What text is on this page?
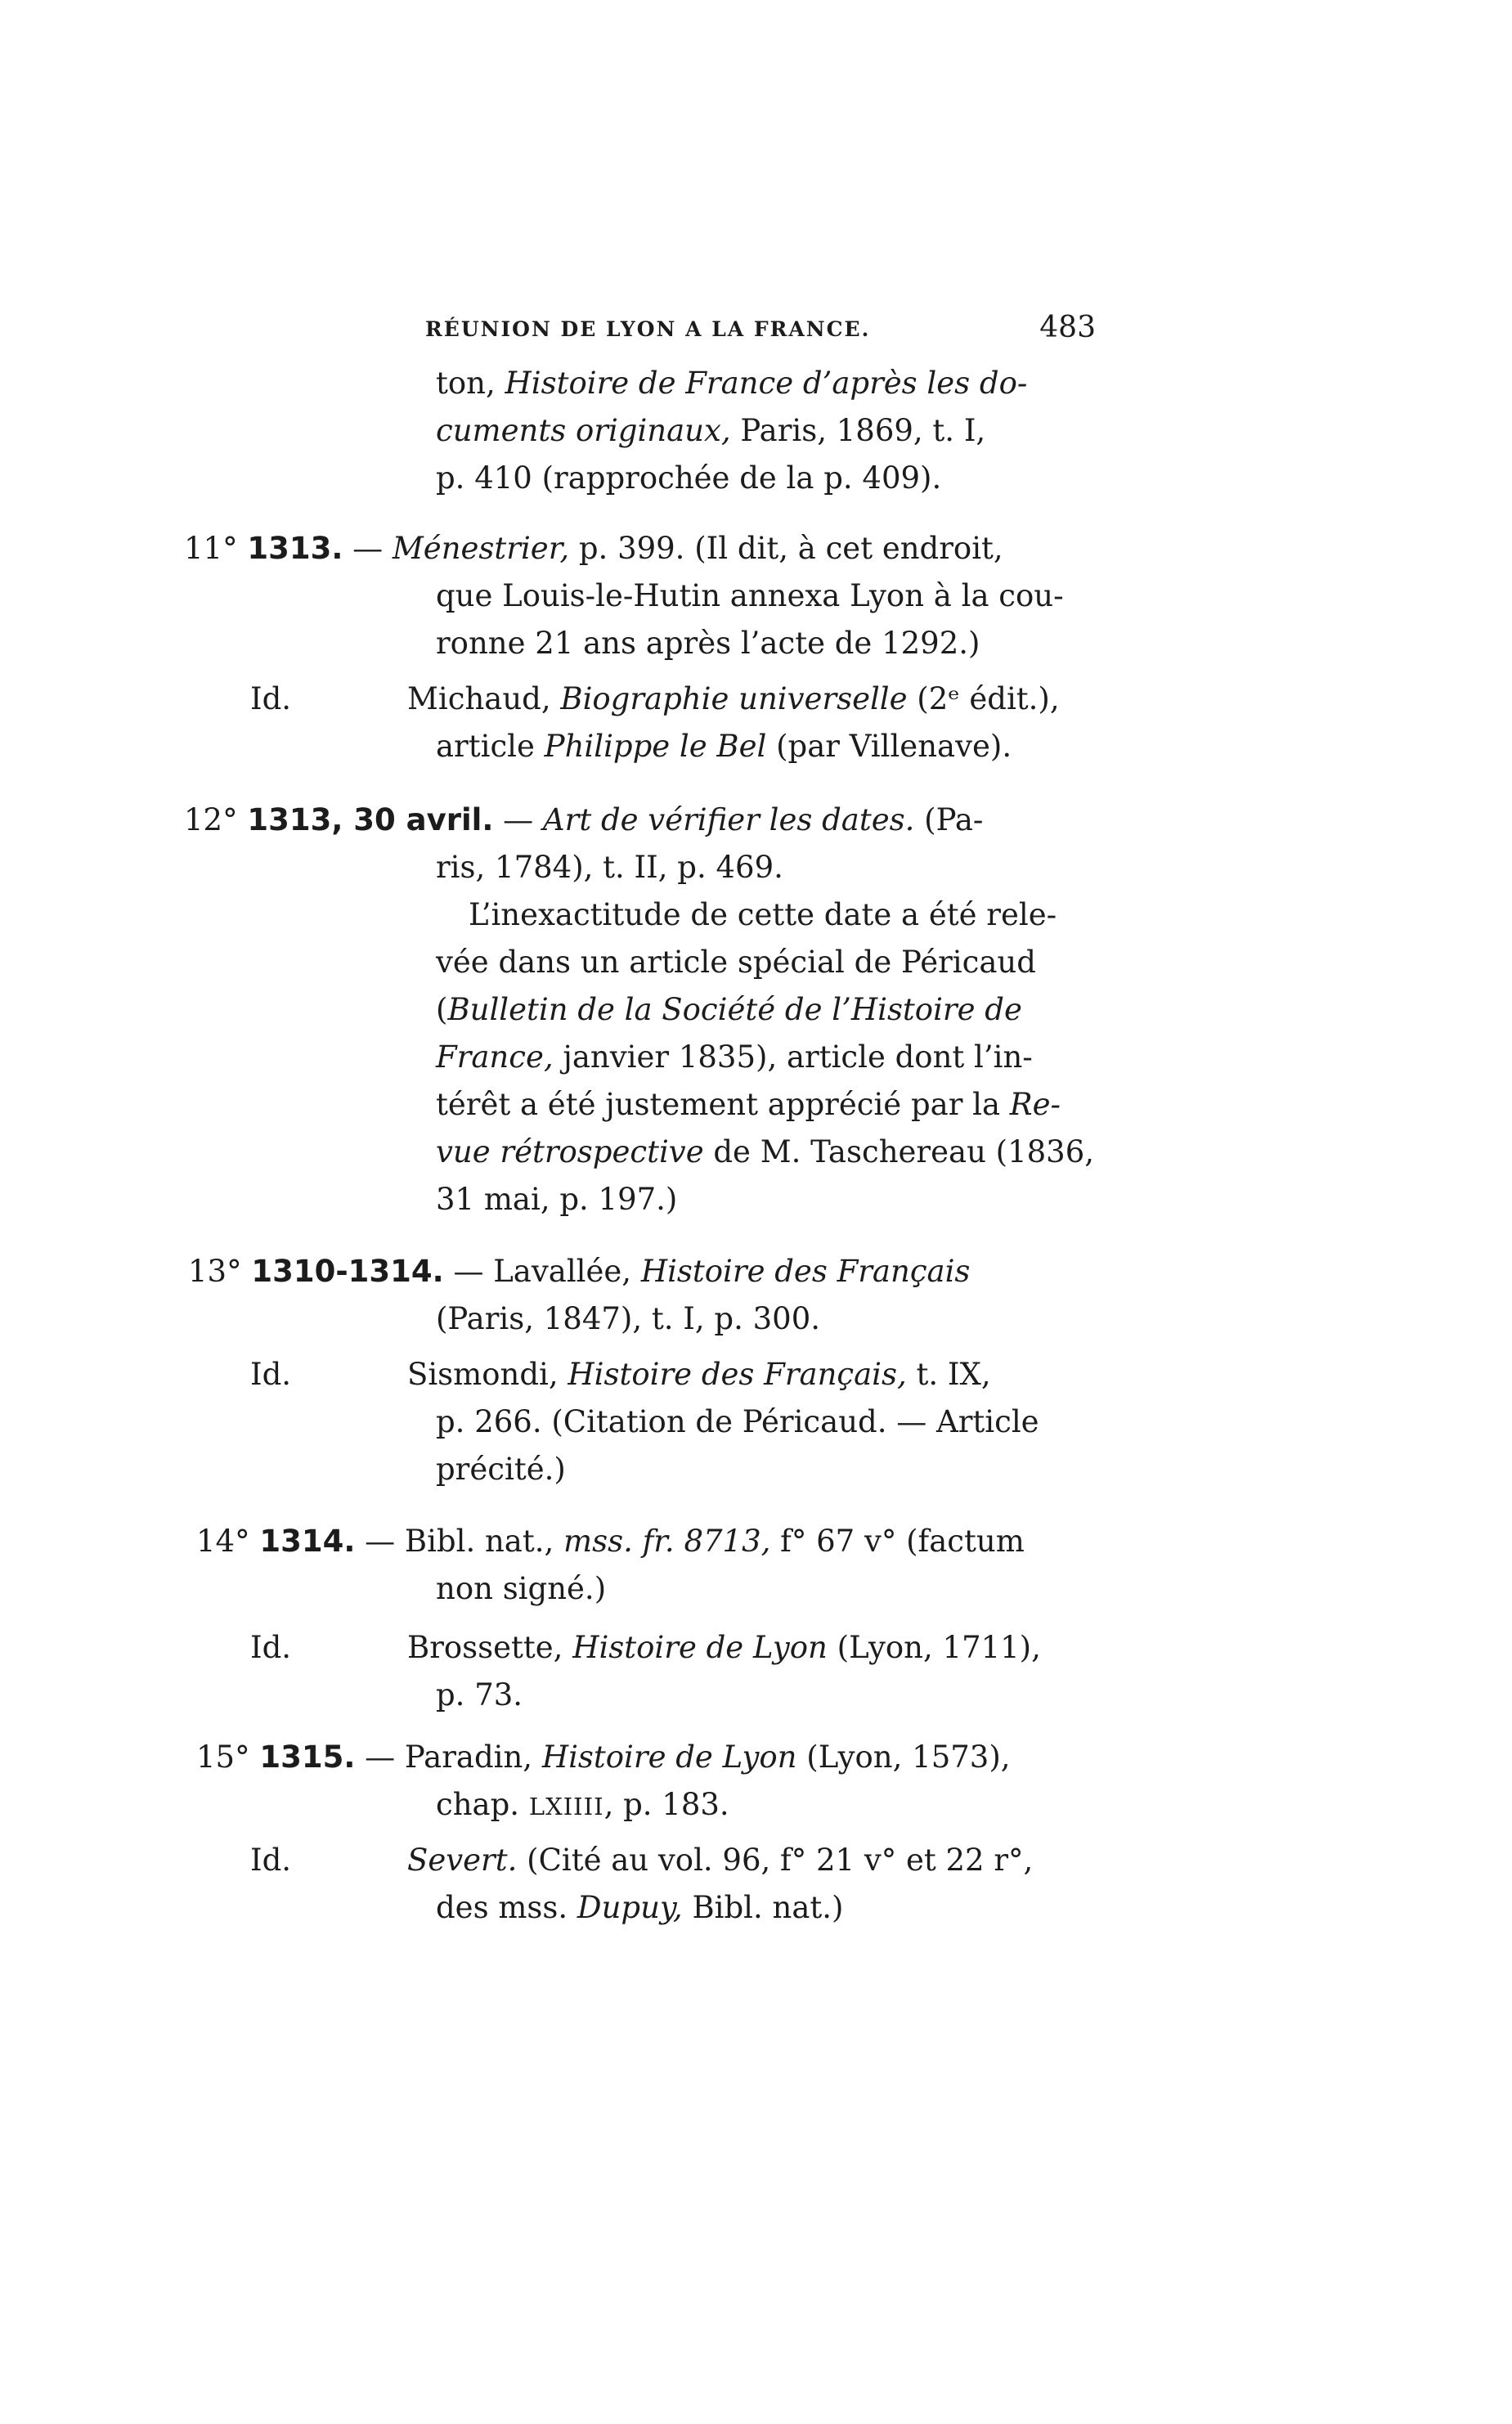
RÉUNION DE LYON A LA FRANCE.	483
ton, Histoire de France d’après les do-
cuments originaux, Paris, 1869, t. I,
p. 410 (rapprochée de la p. 409).
11° 1313. — Ménestrier, p. 399. (Il dit, à cet endroit,
que Louis-le-Hutin annexa Lyon à la cou-
ronne 21 ans après l’acte de 1292.)
Id.	Michaud, Biographie universelle (2ᵉ édit.),
article Philippe le Bel (par Villenave).
12° 1313, 30 avril. — Art de vérifier les dates. (Pa-
ris, 1784), t. II, p. 469.
L’inexactitude de cette date a été rele-
vée dans un article spécial de Péricaud
(Bulletin de la Société de l’Histoire de
France, janvier 1835), article dont l’in-
térêt a été justement apprécié par la Re-
vue rétrospective de M. Taschereau (1836,
31 mai, p. 197.)
13° 1310-1314. — Lavallée, Histoire des Français
(Paris, 1847), t. I, p. 300.
Id.	Sismondi, Histoire des Français, t. IX,
p. 266. (Citation de Péricaud. — Article
précité.)
14° 1314. — Bibl. nat., mss. fr. 8713, f° 67 v° (factum
non signé.)
Id.	Brossette, Histoire de Lyon (Lyon, 1711),
p. 73.
15° 1315. — Paradin, Histoire de Lyon (Lyon, 1573),
chap. LXIIII, p. 183.
Id.	Severt. (Cité au vol. 96, f° 21 v° et 22 r°,
des mss. Dupuy, Bibl. nat.)
